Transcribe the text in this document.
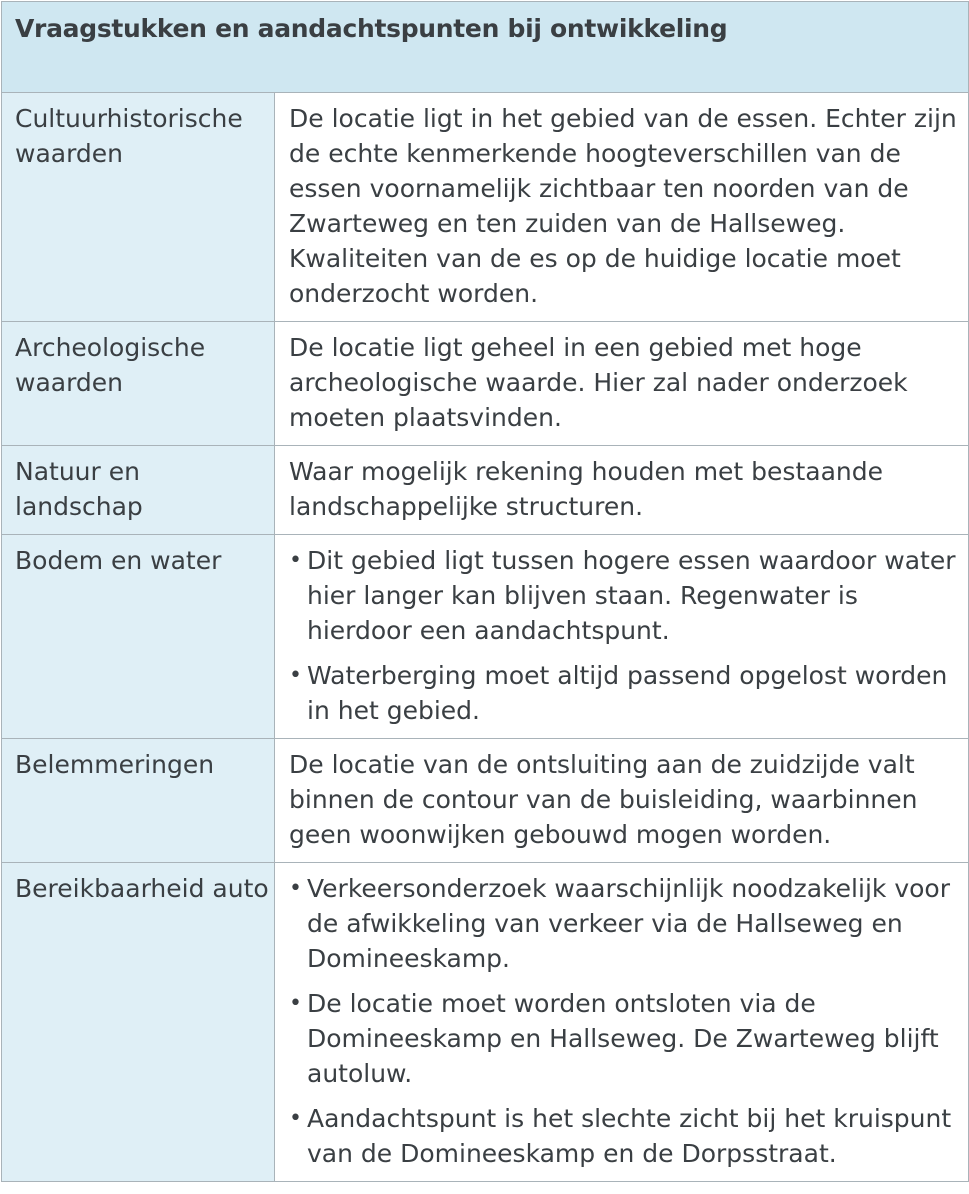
Vraagstukken en aandachtspunten bij ontwikkeling
Cultuurhistorische waarden
De locatie ligt in het gebied van de essen. Echter zijn de echte kenmerkende hoogteverschillen van de essen voornamelijk zichtbaar ten noorden van de Zwarteweg en ten zuiden van de Hallseweg. Kwaliteiten van de es op de huidige locatie moet onderzocht worden.
Archeologische waarden
De locatie ligt geheel in een gebied met hoge archeologische waarde. Hier zal nader onderzoek moeten plaatsvinden.
Natuur en landschap
Waar mogelijk rekening houden met bestaande landschappelijke structuren.
Bodem en water	• Dit gebied ligt tussen hogere essen waardoor water hier langer kan blijven staan. Regenwater is hierdoor een aandachtspunt.
• Waterberging moet altijd passend opgelost worden in het gebied.
Belemmeringen	De locatie van de ontsluiting aan de zuidzijde valt binnen de contour van de buisleiding, waarbinnen geen woonwijken gebouwd mogen worden.
Bereikbaarheid auto • Verkeersonderzoek waarschijnlijk noodzakelijk voor de afwikkeling van verkeer via de Hallseweg en Domineeskamp.
• De locatie moet worden ontsloten via de Domineeskamp en Hallseweg. De Zwarteweg blijft autoluw.
• Aandachtspunt is het slechte zicht bij het kruispunt van de Domineeskamp en de Dorpsstraat.
